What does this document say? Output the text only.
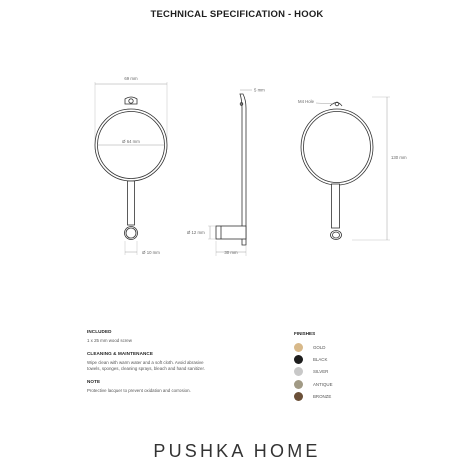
TECHNICAL SPECIFICATION - HOOK
69 mm
Ø 64 mm
Ø 10 mm
5 mm
Ø 12 mm
30 mm
M4 Hole
130 mm
INCLUDED
1 x 25 mm wood screw
CLEANING & MAINTENANCE
Wipe clean with warm water and a soft cloth. Avoid abrasive
towels, sponges, cleaning sprays, bleach and hand sanitizer.
NOTE
Protective lacquer to prevent oxidation and corrosion.
FINISHES
GOLD
BLACK
SILVER
ANTIQUE
BRONZE
PUSHKA HOME
